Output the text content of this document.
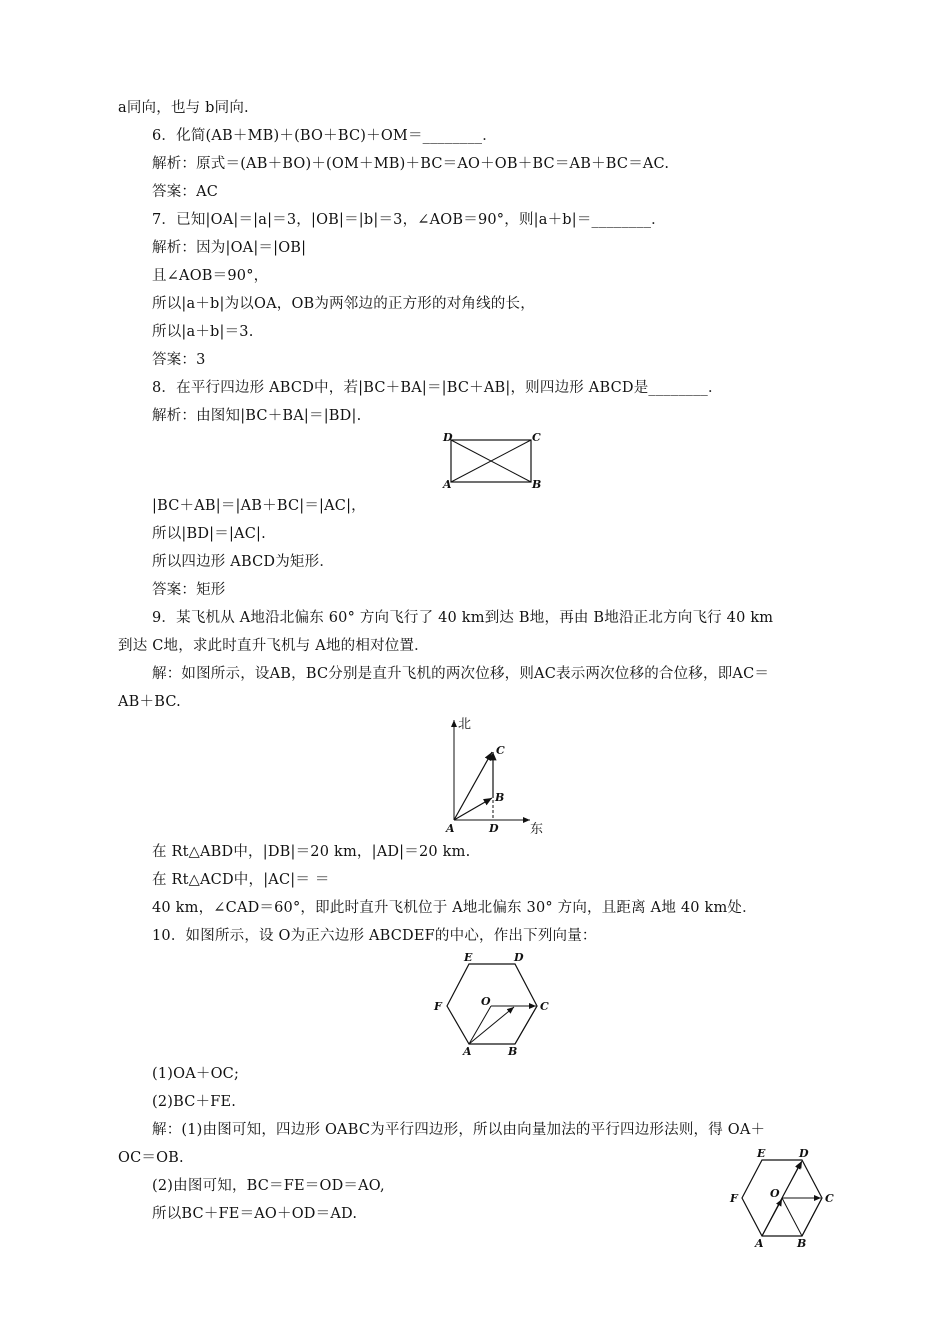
a同向，也与 b同向.
6．化简(AB＋MB)＋(BO＋BC)＋OM＝________．
解析：原式＝(AB＋BO)＋(OM＋MB)＋BC＝AO＋OB＋BC＝AB＋BC＝AC.
答案：AC
7．已知|OA|＝|a|＝3，|OB|＝|b|＝3，∠AOB＝90°，则|a＋b|＝________．
解析：因为|OA|＝|OB|
且∠AOB＝90°，
所以|a＋b|为以OA，OB为两邻边的正方形的对角线的长，
所以|a＋b|＝3.
答案：3
8．在平行四边形 ABCD中，若|BC＋BA|＝|BC＋AB|，则四边形 ABCD是________．
解析：由图知|BC＋BA|＝|BD|.
D	C
A	B
|BC＋AB|＝|AB＋BC|＝|AC|，
所以|BD|＝|AC|.
所以四边形 ABCD为矩形．
答案：矩形
9．某飞机从 A地沿北偏东 60° 方向飞行了 40 km到达 B地，再由 B地沿正北方向飞行 40 km
到达 C地，求此时直升飞机与 A地的相对位置．
解：如图所示，设AB，BC分别是直升飞机的两次位移，则AC表示两次位移的合位移，即AC＝
AB＋BC.
北
东
C
B
A	D
在 Rt△ABD中，|DB|＝20 km，|AD|＝20 km.
在 Rt△ACD中，|AC|＝ ＝
40 km，∠CAD＝60°，即此时直升飞机位于 A地北偏东 30° 方向，且距离 A地 40 km处．
10．如图所示，设 O为正六边形 ABCDEF的中心，作出下列向量：
E	D
F	O	C
A	B
(1)OA＋OC;
(2)BC＋FE.
解：(1)由图可知，四边形 OABC为平行四边形，所以由向量加法的平行四边形法则，得 OA＋
OC＝OB.
(2)由图可知，BC＝FE＝OD＝AO,
所以BC＋FE＝AO＋OD＝AD.
E	D
F	O	C
A	B
